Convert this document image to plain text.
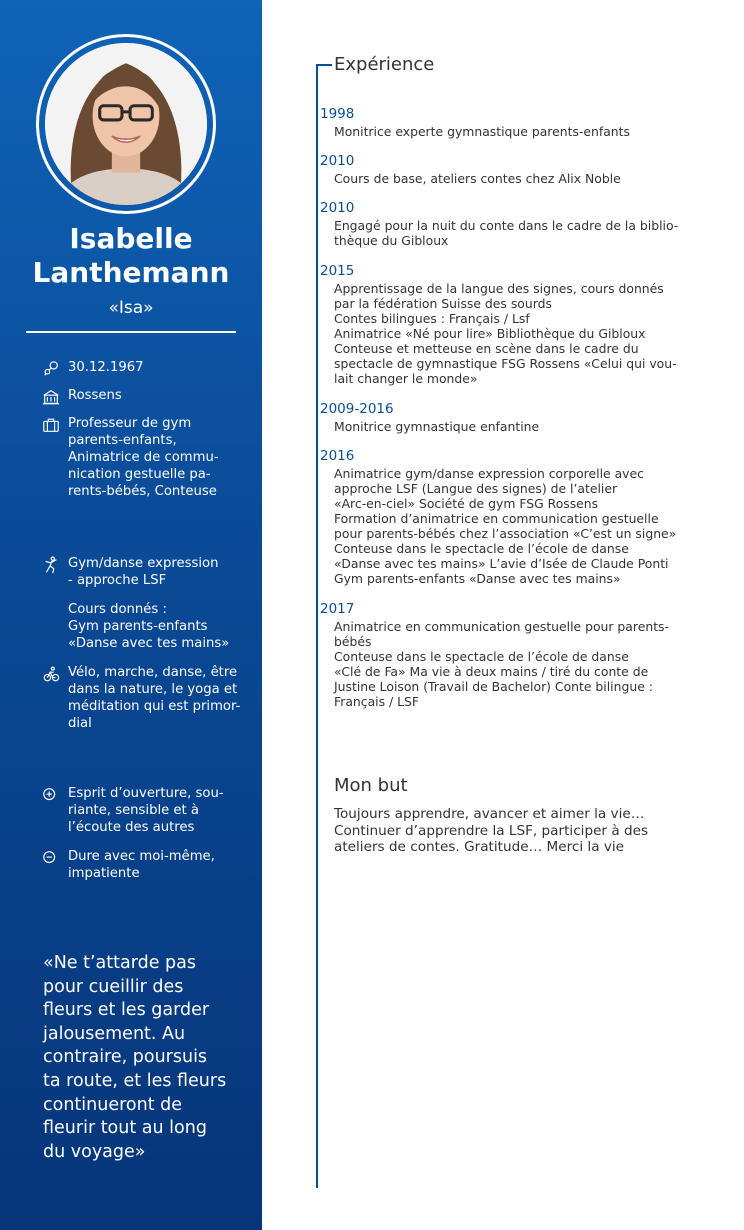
Isabelle
Lanthemann
«Isa»
30.12.1967
Rossens
Professeur de gym
parents-enfants,
Animatrice de commu-
nication gestuelle pa-
rents-bébés, Conteuse
Gym/danse expression
- approche LSF
Cours donnés :
Gym parents-enfants
«Danse avec tes mains»
Vélo, marche, danse, être
dans la nature, le yoga et
méditation qui est primor-
dial
Esprit d’ouverture, sou-
riante, sensible et à
l’écoute des autres
Dure avec moi-même,
impatiente
«Ne t’attarde pas
pour cueillir des
fleurs et les garder
jalousement. Au
contraire, poursuis
ta route, et les fleurs
continueront de
fleurir tout au long
du voyage»
Expérience
1998
Monitrice experte gymnastique parents-enfants
2010
Cours de base, ateliers contes chez Alix Noble
2010
Engagé pour la nuit du conte dans le cadre de la biblio-
thèque du Gibloux
2015
Apprentissage de la langue des signes, cours donnés
par la fédération Suisse des sourds
Contes bilingues : Français / Lsf
Animatrice «Né pour lire» Bibliothèque du Gibloux
Conteuse et metteuse en scène dans le cadre du
spectacle de gymnastique FSG Rossens «Celui qui vou-
lait changer le monde»
2009-2016
Monitrice gymnastique enfantine
2016
Animatrice gym/danse expression corporelle avec
approche LSF (Langue des signes) de l’atelier
«Arc-en-ciel» Société de gym FSG Rossens
Formation d’animatrice en communication gestuelle
pour parents-bébés chez l’association «C’est un signe»
Conteuse dans le spectacle de l’école de danse
«Danse avec tes mains» L’avie d’Isée de Claude Ponti
Gym parents-enfants «Danse avec tes mains»
2017
Animatrice en communication gestuelle pour parents-
bébés
Conteuse dans le spectacle de l’école de danse
«Clé de Fa» Ma vie à deux mains / tiré du conte de
Justine Loison (Travail de Bachelor) Conte bilingue :
Français / LSF
Mon but
Toujours apprendre, avancer et aimer la vie…
Continuer d’apprendre la LSF, participer à des
ateliers de contes. Gratitude… Merci la vie
